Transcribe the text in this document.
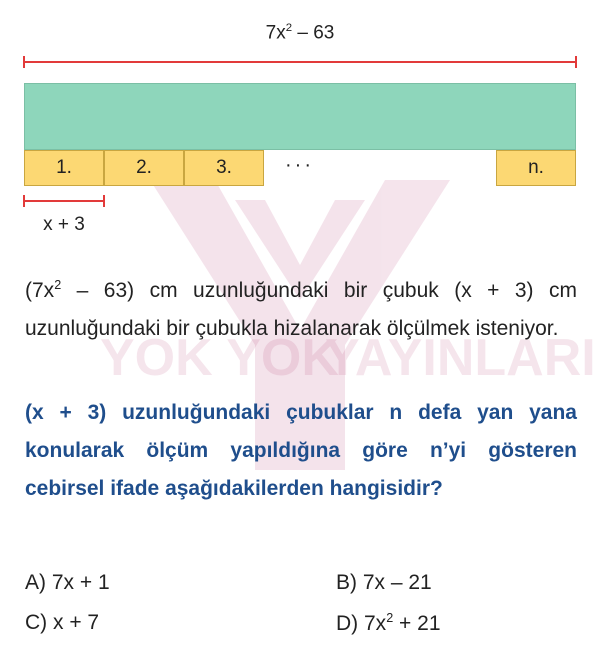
YOK YOK
YAYINLARI
$7x^2 - 63$
1.	2.	3.	···	n.
x + 3
$(7x^2 - 63)$ cm uzunluğundaki bir çubuk (x + 3) cm uzunluğundaki bir çubukla hizalanarak ölçülmek isteniyor.
(x + 3) uzunluğundaki çubuklar n defa yan yana konularak ölçüm yapıldığına göre n’yi gösteren cebirsel ifade aşağıdakilerden hangisidir?
A) 7x + 1	B) 7x – 21
C) x + 7	D) $7x^2 + 21$
